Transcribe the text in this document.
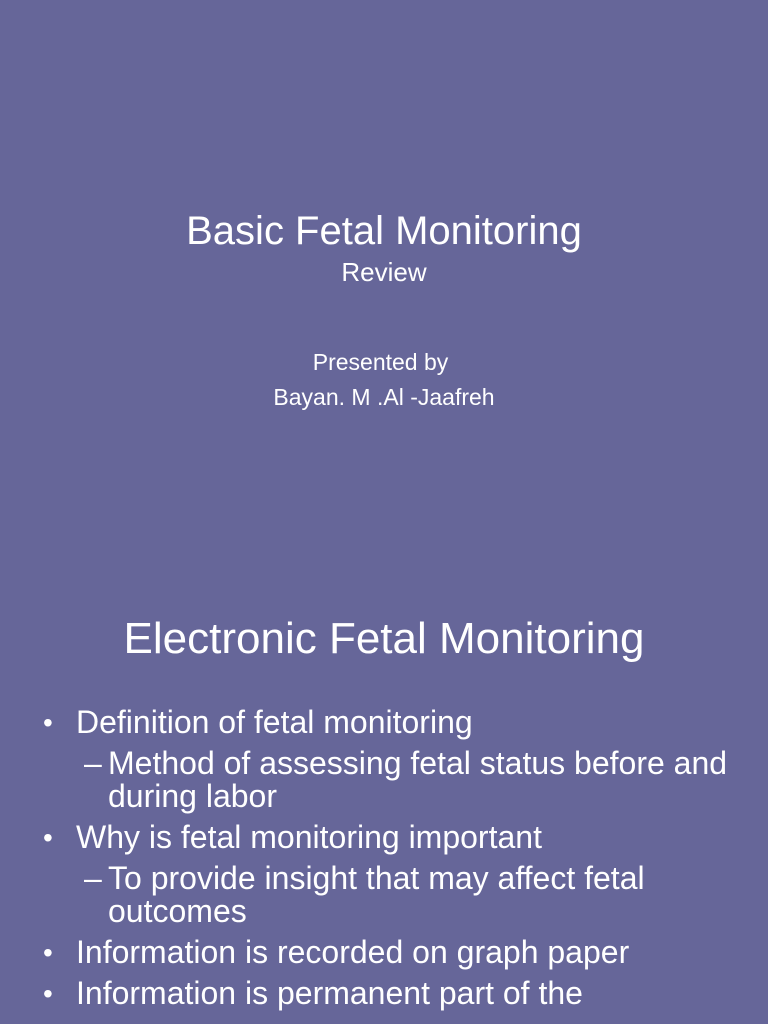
Basic Fetal Monitoring
Review
Presented by
Bayan. M .Al -Jaafreh
Electronic Fetal Monitoring
• Definition of fetal monitoring
– Method of assessing fetal status before and during labor
• Why is fetal monitoring important
– To provide insight that may affect fetal outcomes
• Information is recorded on graph paper
• Information is permanent part of the
